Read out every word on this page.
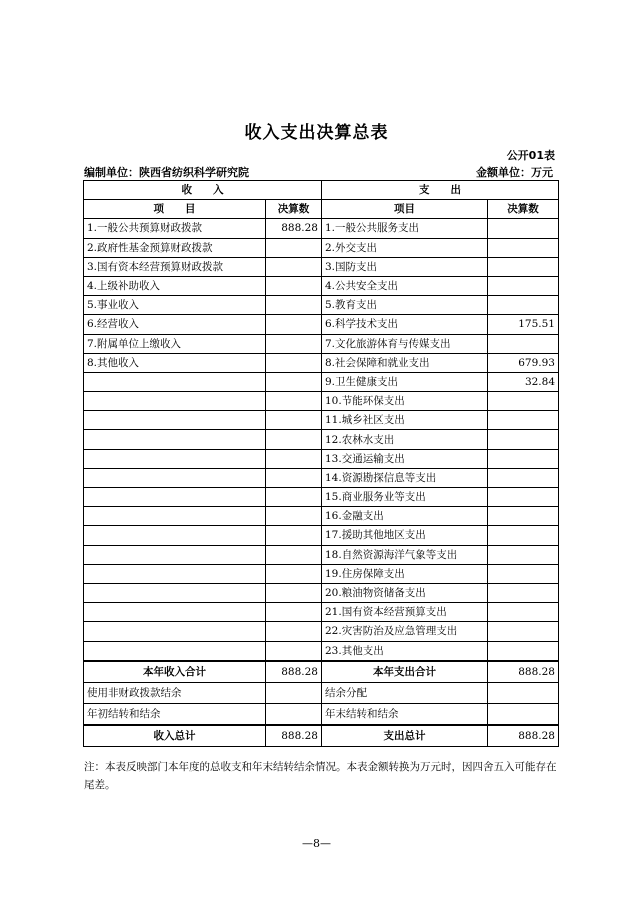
收入支出决算总表
公开01表
编制单位：陕西省纺织科学研究院	金额单位：万元
收　　入		支　　出	
项　　目	决算数	项目	决算数
1.一般公共预算财政拨款	888.28	1.一般公共服务支出	
2.政府性基金预算财政拨款		2.外交支出	
3.国有资本经营预算财政拨款		3.国防支出	
4.上级补助收入		4.公共安全支出	
5.事业收入		5.教育支出	
6.经营收入		6.科学技术支出	175.51
7.附属单位上缴收入		7.文化旅游体育与传媒支出	
8.其他收入		8.社会保障和就业支出	679.93
		9.卫生健康支出	32.84
		10.节能环保支出	
		11.城乡社区支出	
		12.农林水支出	
		13.交通运输支出	
		14.资源勘探信息等支出	
		15.商业服务业等支出	
		16.金融支出	
		17.援助其他地区支出	
		18.自然资源海洋气象等支出	
		19.住房保障支出	
		20.粮油物资储备支出	
		21.国有资本经营预算支出	
		22.灾害防治及应急管理支出	
		23.其他支出	
本年收入合计	888.28	本年支出合计	888.28
使用非财政拨款结余		结余分配	
年初结转和结余		年末结转和结余	
收入总计	888.28	支出总计	888.28
注：本表反映部门本年度的总收支和年末结转结余情况。本表金额转换为万元时，因四舍五入可能存在尾差。
—8—
